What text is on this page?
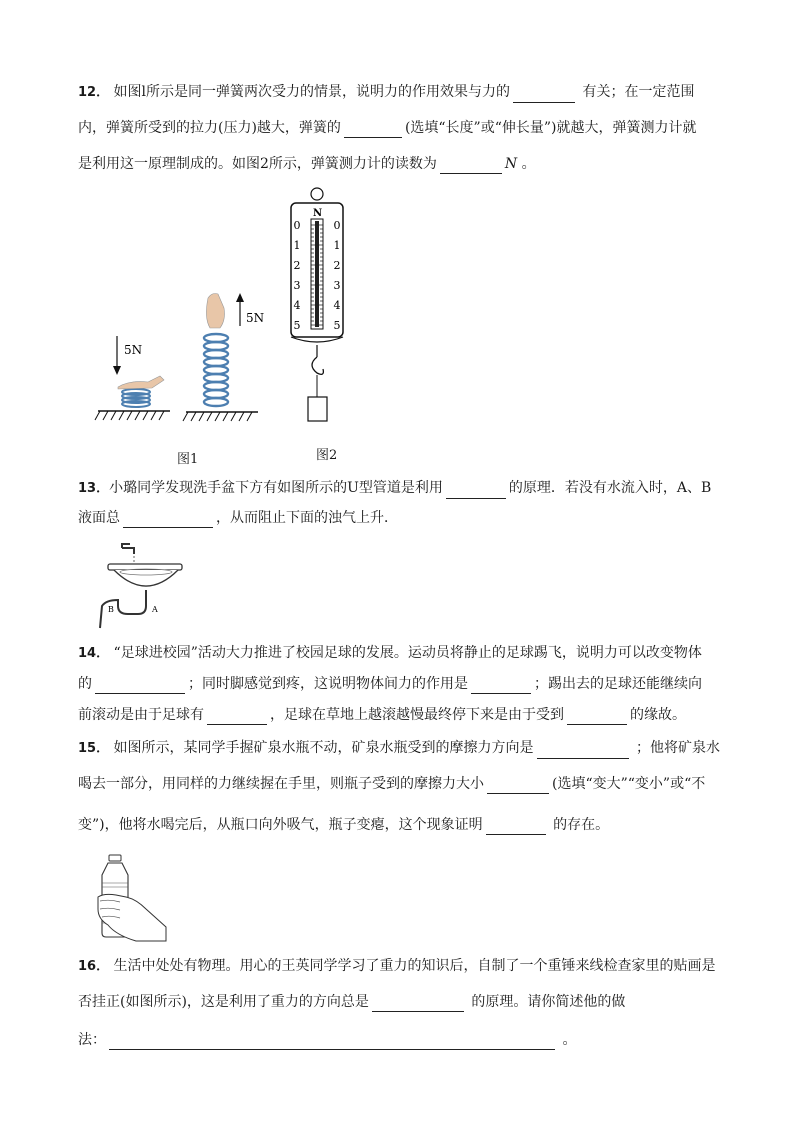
12． 如图l所示是同一弹簧两次受力的情景，说明力的作用效果与力的	有关；在一定范围
内，弹簧所受到的拉力(压力)越大，弹簧的	(选填“长度”或“伸长量”)就越大，弹簧测力计就
是利用这一原理制成的。如图2所示，弹簧测力计的读数为	N 。
5N
5N
图1
N
0
1
2
3
4
5
0
1
2
3
4
5
图2
13．小璐同学发现洗手盆下方有如图所示的U型管道是利用	的原理．若没有水流入时，A、B
液面总	，从而阻止下面的浊气上升．
B	A
14． “足球进校园”活动大力推进了校园足球的发展。运动员将静止的足球踢飞，说明力可以改变物体
的	；同时脚感觉到疼，这说明物体间力的作用是	；踢出去的足球还能继续向
前滚动是由于足球有	，足球在草地上越滚越慢最终停下来是由于受到	的缘故。
15． 如图所示，某同学手握矿泉水瓶不动，矿泉水瓶受到的摩擦力方向是	；他将矿泉水
喝去一部分，用同样的力继续握在手里，则瓶子受到的摩擦力大小	(选填“变大”“变小”或“不
变”)，他将水喝完后，从瓶口向外吸气，瓶子变瘪，这个现象证明	的存在。
16． 生活中处处有物理。用心的王英同学学习了重力的知识后，自制了一个重锤来线检查家里的贴画是
否挂正(如图所示)，这是利用了重力的方向总是	的原理。请你简述他的做
法：	。
